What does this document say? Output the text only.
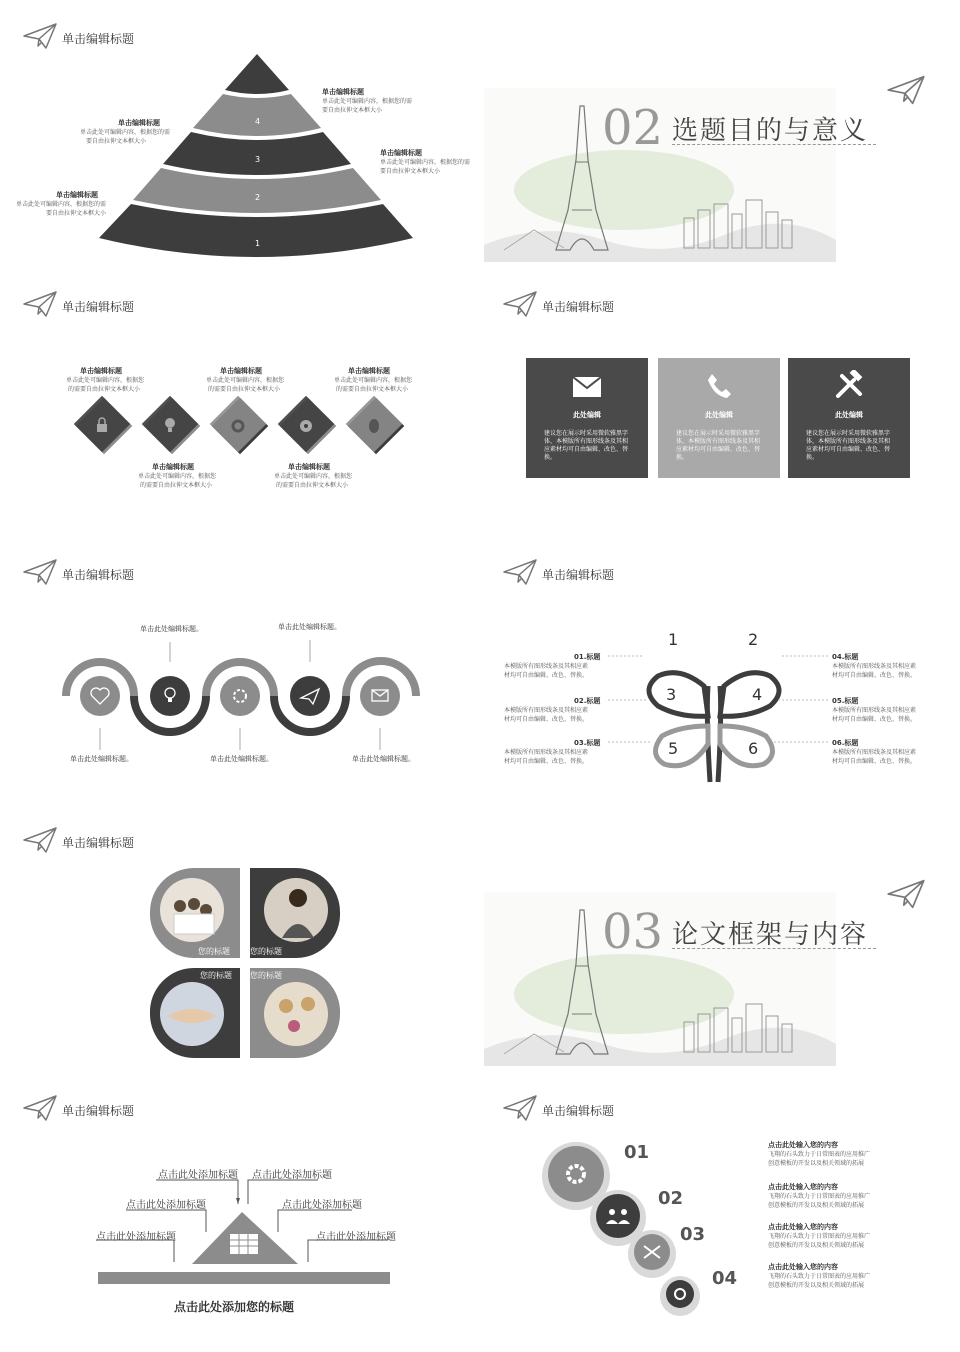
单击编辑标题
4
3
2
1
单击编辑标题
单击此处可编辑内容，根据您的需
要自由拉伸文本框大小
单击编辑标题
单击此处可编辑内容，根据您的需
要自由拉伸文本框大小
单击编辑标题
单击此处可编辑内容，根据您的需
要自由拉伸文本框大小
单击编辑标题
单击此处可编辑内容，根据您的需
要自由拉伸文本框大小
02 选题目的与意义
单击编辑标题
单击编辑标题
单击此处可编辑内容，根据您
的需要自由拉伸文本框大小
单击编辑标题
单击此处可编辑内容，根据您
的需要自由拉伸文本框大小
单击编辑标题
单击此处可编辑内容，根据您
的需要自由拉伸文本框大小
单击编辑标题
单击此处可编辑内容，根据您
的需要自由拉伸文本框大小
单击编辑标题
单击此处可编辑内容，根据您
的需要自由拉伸文本框大小
单击编辑标题
此处编辑
建议您在展示时采用微软雅黑字体，本模版所有图形线条及其相应素材均可自由编辑、改色、替换。
此处编辑
建议您在展示时采用微软雅黑字体，本模版所有图形线条及其相应素材均可自由编辑、改色、替换。
此处编辑
建议您在展示时采用微软雅黑字体，本模版所有图形线条及其相应素材均可自由编辑、改色、替换。
单击编辑标题
单击此处编辑标题。	单击此处编辑标题。
单击此处编辑标题。	单击此处编辑标题。	单击此处编辑标题。
单击编辑标题
3	4
5	6
1	2
01.标题
本模版所有图形线条及其相应素
材均可自由编辑、改色、替换。
02.标题
本模版所有图形线条及其相应素
材均可自由编辑、改色、替换。
03.标题
本模版所有图形线条及其相应素
材均可自由编辑、改色、替换。
04.标题
本模版所有图形线条及其相应素
材均可自由编辑、改色、替换。
05.标题
本模版所有图形线条及其相应素
材均可自由编辑、改色、替换。
06.标题
本模版所有图形线条及其相应素
材均可自由编辑、改色、替换。
单击编辑标题
您的标题	您的标题
您的标题 您的标题
03 论文框架与内容
单击编辑标题
点击此处添加标题
点击此处添加标题
点击此处添加标题
点击此处添加标题
点击此处添加标题
点击此处添加标题
点击此处添加您的标题
单击编辑标题
01
02
03
04
点击此处输入您的内容
飞翔的石头致力于日常图表的应用推广
创意模板的开发以及相关领域的拓展
点击此处输入您的内容
飞翔的石头致力于日常图表的应用推广
创意模板的开发以及相关领域的拓展
点击此处输入您的内容
飞翔的石头致力于日常图表的应用推广
创意模板的开发以及相关领域的拓展
点击此处输入您的内容
飞翔的石头致力于日常图表的应用推广
创意模板的开发以及相关领域的拓展
